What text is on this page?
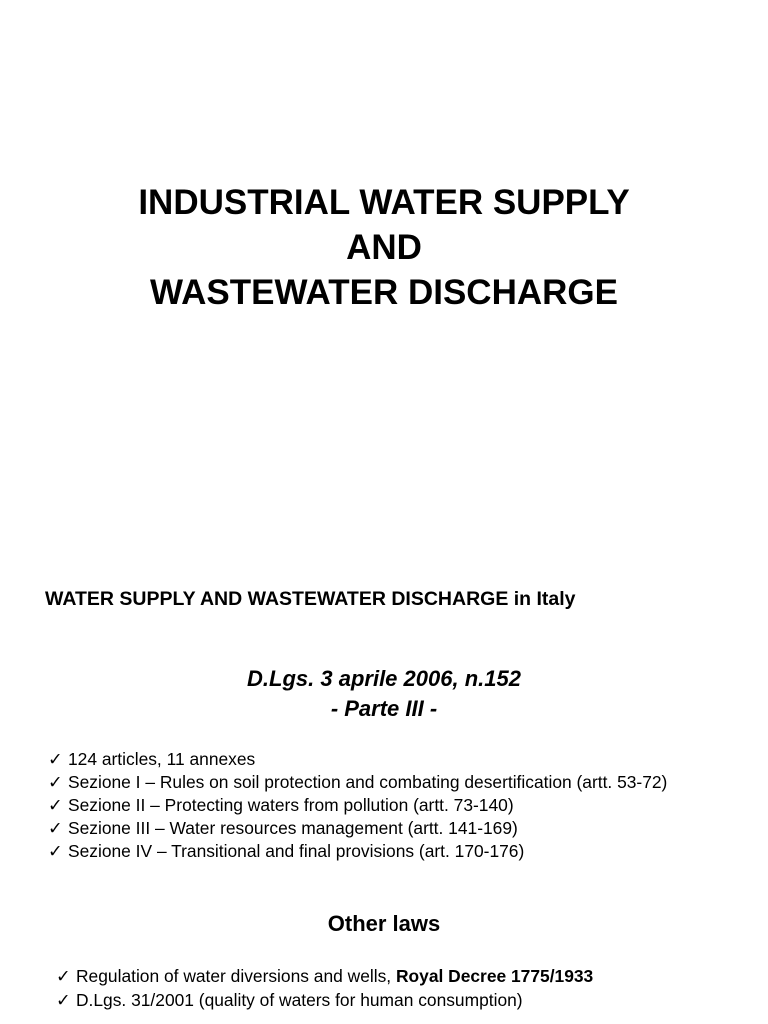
INDUSTRIAL WATER SUPPLY
AND
WASTEWATER DISCHARGE
WATER SUPPLY AND WASTEWATER DISCHARGE in Italy
D.Lgs. 3 aprile 2006, n.152
- Parte III -
✓ 124 articles, 11 annexes
✓ Sezione I – Rules on soil protection and combating desertification (artt. 53-72)
✓ Sezione II – Protecting waters from pollution (artt. 73-140)
✓ Sezione III – Water resources management (artt. 141-169)
✓ Sezione IV – Transitional and final provisions (art. 170-176)
Other laws
✓ Regulation of water diversions and wells, Royal Decree 1775/1933
✓ D.Lgs. 31/2001 (quality of waters for human consumption)
